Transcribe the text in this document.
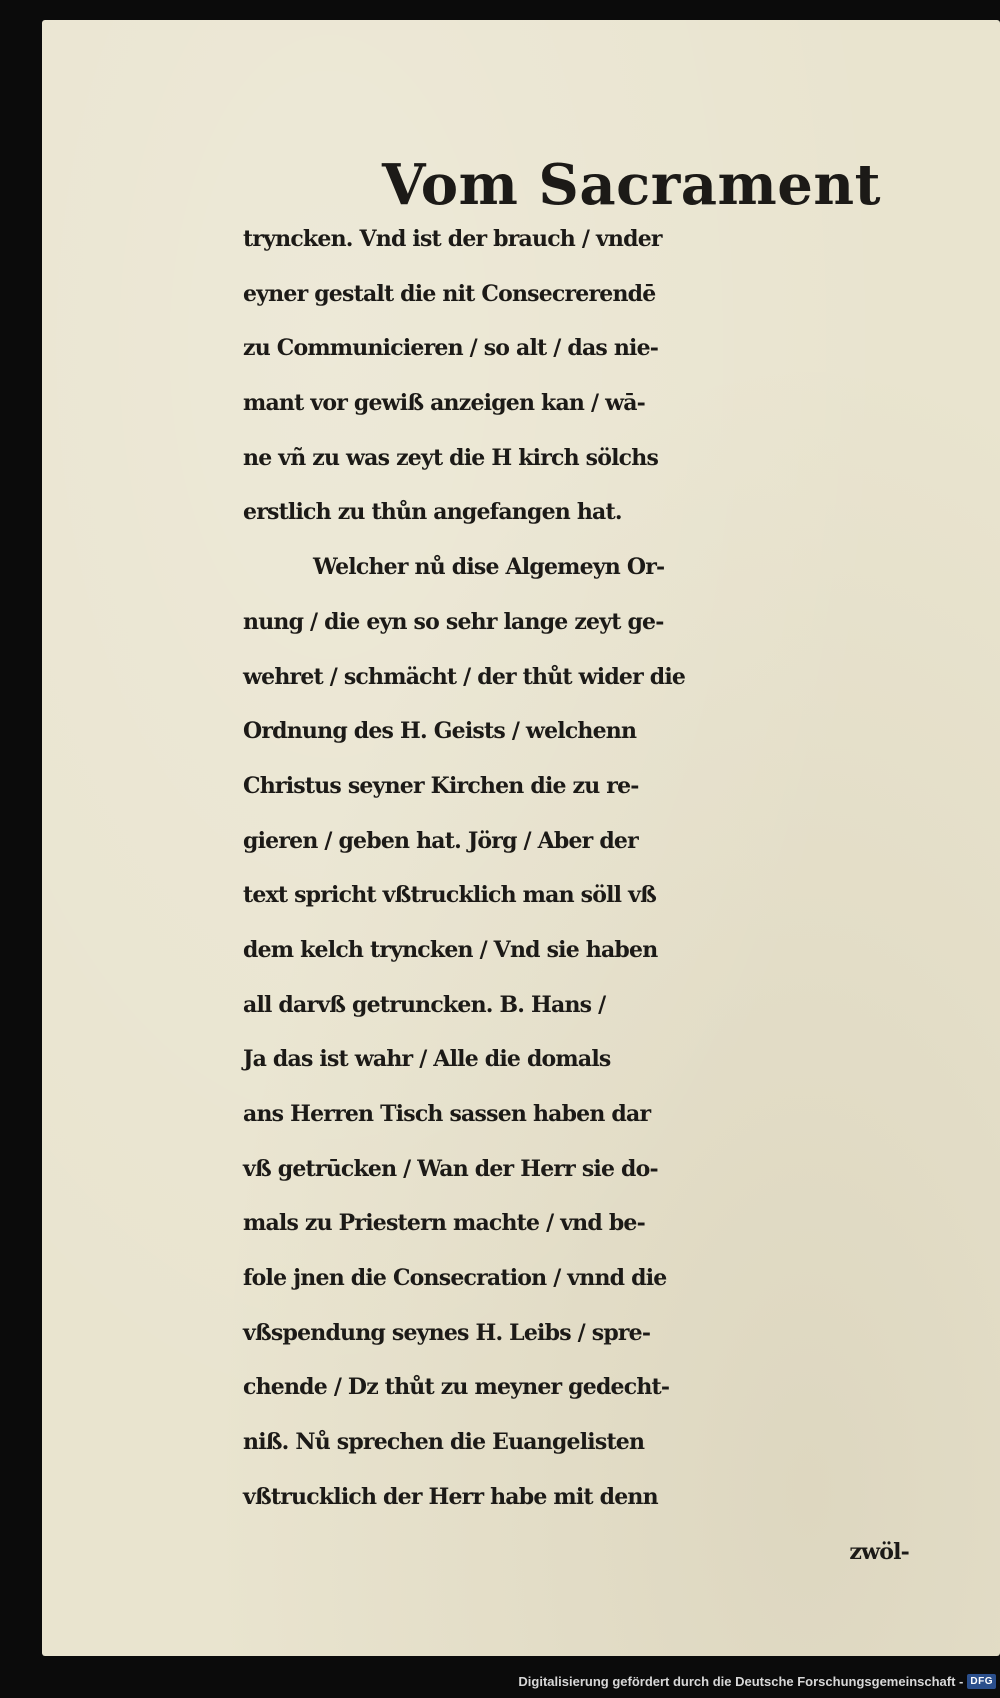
Vom Sacrament
tryncken. Vnd ist der brauch / vnder
eyner gestalt die nit Consecrerendē
zu Communicieren / so alt / das nie-
mant vor gewiß anzeigen kan / wā-
ne vñ zu was zeyt die H kirch sölchs
erstlich zu thůn angefangen hat.
Welcher nů dise Algemeyn Or-
nung / die eyn so sehr lange zeyt ge-
wehret / schmächt / der thůt wider die
Ordnung des H. Geists / welchenn
Christus seyner Kirchen die zu re-
gieren / geben hat. Jörg / Aber der
text spricht vßtrucklich man söll vß
dem kelch tryncken / Vnd sie haben
all darvß getruncken. B. Hans /
Ja das ist wahr / Alle die domals
ans Herren Tisch sassen haben dar
vß getrūcken / Wan der Herr sie do-
mals zu Priestern machte / vnd be-
fole jnen die Consecration / vnnd die
vßspendung seynes H. Leibs / spre-
chende / Dz thůt zu meyner gedecht-
niß. Nů sprechen die Euangelisten
vßtrucklich der Herr habe mit denn
zwöl-
Digitalisierung gefördert durch die Deutsche Forschungsgemeinschaft - DFG
